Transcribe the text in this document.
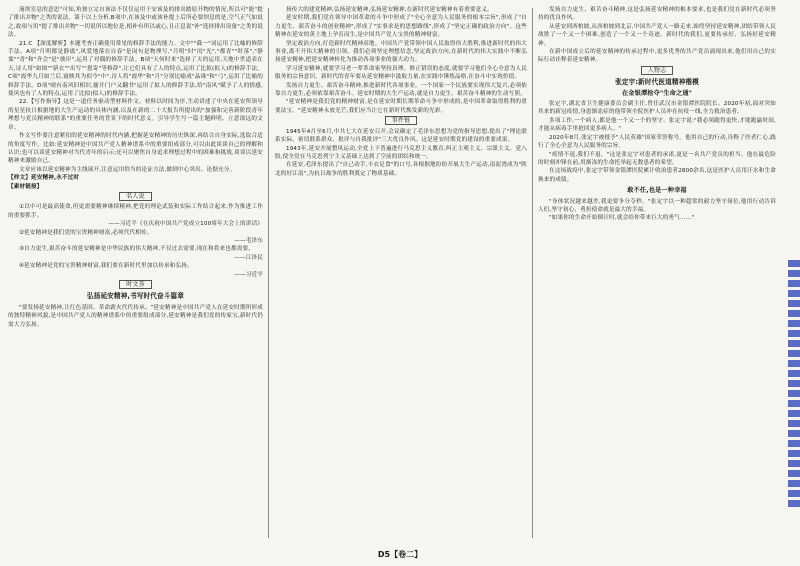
淹坝室息的意思"可知,角独立完自该法不仅仅运用于安该及的排出踏原开物的情况,所以可"能"提了排出并物"之类的说法。第于以上分析,B项中,在该及中或该补提上后所必要坝息的是,空气正气如说之,故项与用"提了排出并物"一切说所以地位是,相补有所以或心,且正息说"补"选择排出设备"之类的说法。

21.C 【深度解析】本题考查正确使用常见的修辞手法的能力。文中""截一"词运用了比喻的修辞手法。A项"月明都是静谧",风爱地落在自春"是岗句是物理写,"月明"时"闰"光","都青""时落","静谧""青"和"齐会"是"彼岸",运用了对偶的修辞手法。B项"天何时来"选择了天的运用,天地中世道表在天,诗人用"如图""新衣""出写""恩寄"等修辞",让它们具有了人的特点,运用了比拟(拟人)的修辞手法。C项"霞华九月如兰后,霞映其为似今"中",诗人将"霞华"和"月"分别比喻成"晶珠"和"弓",运用了比喻的修辞手法。D项"晴有南风旧相识,偷开门户又翻书"运用了拟人的修辞手法,给"南风"赋予了人的情感,使风也有了人的特点,运用了比拟(拟人)的修辞手法。

22.【写作指导】这是一道任务驱动型材料作文。材料以时间为序,生动讲述了中央在延安所领导的星星抗日根据地的大生产运动的具体内涵,以及在新的二十大报告所提出的"加强和完善新阶段青年理想与党员精神的联系"的重要任务的背景下的时代意义。引导学生写一篇主题鲜明、立意深远的文章。

作文写作要注意紧扣的延安精神的时代内涵,把握延安精神的历史纵深,再结合自身实际,选取合适的角度写作。比如:延安精神是中国共产党人精神谱系中的重要组成部分,可以由此谈谈自己的理解和认识;也可以谈延安精神对当代青年的启示;还可以聚焦自身追求理想过程中的困难和挑战,谈谈以延安精神来激励自己。

文章应该以延安精神为主线展开,注意运用恰当的论证方法,做到中心突出、论据充分。

【样文】延安精神,永不过时

【素材链接】

名人说

①以中可是最高使命,但更需要精神继续精神,把党的理论武装和实际工作结合起来,作为推进工作的重要抓手。

——习近平《在庆祝中国共产党成立100周年大会上的讲话》

②延安精神是我们党的宝贵精神财富,必须代代相传。

——毛泽东

③自力更生,艰苦奋斗的延安精神是中华民族的伟大精神,不仅过去需要,现在和将来也都需要。

——江泽民

④延安精神是党的宝贵精神财富,我们要在新时代里加以传承和弘扬。

——习近平

时文荟

弘扬延安精神,书写时代奋斗篇章

"要发扬延安精神,让红色基因、革命薪火代代传承。"延安精神是中国共产党人在延安时期所形成的独特精神风貌,是中国共产党人的精神谱系中的重要组成部分,延安精神是我们党的传家宝,新时代仍需大力弘扬。

扬传大的建党精神,弘扬延安精神,弘扬延安精神,在新时代延安精神有着重要意义。

延安时期,我们党在领导中国革命的斗争中形成了"全心全意为人民服务的根本宗旨",形成了"自力更生、艰苦奋斗的创业精神",形成了"实事求是的思想路线",形成了"坚定正确的政治方向"。这些精神在延安的黄土地上孕育而生,是中国共产党人宝贵的精神财富。

坚定政治方向,打造新时代精神高地。中国共产党带领中国人民取得伟大胜利,推进新时代的伟大事业,离不开伟大精神的引领。我们必须坚定理想信念,坚定政治方向,在新时代的伟大实践中不断弘扬延安精神,把延安精神转化为推动各项事业的强大动力。

学习延安精神,就要学习老一辈革命家坚持真理、修正错误的态度,就要学习他们全心全意为人民服务的宗旨意识。新时代的青年要从延安精神中汲取力量,在实践中锤炼品格,在奋斗中实现价值。

发扬自力更生、艰苦奋斗精神,推进新时代各项事业。一个国家一个民族要实现伟大复兴,必须依靠自力更生,必须依靠艰苦奋斗。延安时期的大生产运动,就是自力更生、艰苦奋斗精神的生动写照。

"延安精神是我们党的精神财富,是在延安时期长期革命斗争中形成的,是中国革命取得胜利的重要法宝。"延安精神永放光芒,我们应当让它在新时代焕发新的光彩。

事件链

1945年4月至6月,中共七大在延安召开,会议确定了毛泽东思想为党的指导思想,提出了"理论联系实际、密切联系群众、批评与自我批评"三大优良作风。这是延安时期党的建设的重要成果。

1943年,延安开展整风运动,全党上下普遍进行马克思主义教育,纠正主观主义、宗派主义、党八股,使全党在马克思列宁主义基础上达到了空前的团结和统一。

在延安,毛泽东提出了"自己动手,丰衣足食"的口号,各根据地纷纷开展大生产运动,南泥湾成为"陕北的好江南",为抗日战争的胜利奠定了物质基础。

发扬自力更生、艰苦奋斗精神,这是弘扬延安精神的根本要求,也是我们党在新时代必须坚持的优良作风。

从延安到西柏坡,从西柏坡到北京,中国共产党人一路走来,始终坚持延安精神,团结带领人民战胜了一个又一个困难,创造了一个又一个奇迹。新时代的我们,更要传承好、弘扬好延安精神。

在新中国成立后的延安精神的传承过程中,更多优秀的共产党员涌现出来,他们用自己的实际行动诠释着延安精神。

人物志

张定宇:新时代医道精神楷模

在金银潭抢夺"生命之通"

张定宇,湖北省卫生健康委员会副主任,曾任武汉市金银潭医院院长。2020年初,面对突如其来的新冠疫情,身患渐冻症的他带领全院医护人员冲在抗疫一线,全力救治患者。

多项工作,一个病人,都是他一个又一个的坚守。张定宇说:"我必须跑得更快,才能跑赢时间,才能从病毒手里抢回更多病人。"

2020年8月,张定宇被授予"人民英雄"国家荣誉称号。他用自己的行动,诠释了医者仁心,践行了全心全意为人民服务的宗旨。

"疫情不退,我们不退。"这是张定宇对患者的承诺,更是一名共产党员的担当。他在最危险的时刻冲锋在前,用渐冻的生命托举起无数患者的希望。

在这场战疫中,张定宇带领金银潭医院累计收治患者2800余名,这是医护人员用汗水和生命换来的成绩。

敢不任,也是一种幸福

"身体状况越来越差,我更要争分夺秒。"张定宇以一种超常的毅力坚守岗位,他用行动告诉人们,坚守初心、勇担使命就是最大的幸福。

"如果你的生命开始倒计时,就会给你带来巨大的勇气……"

D5【卷二】
